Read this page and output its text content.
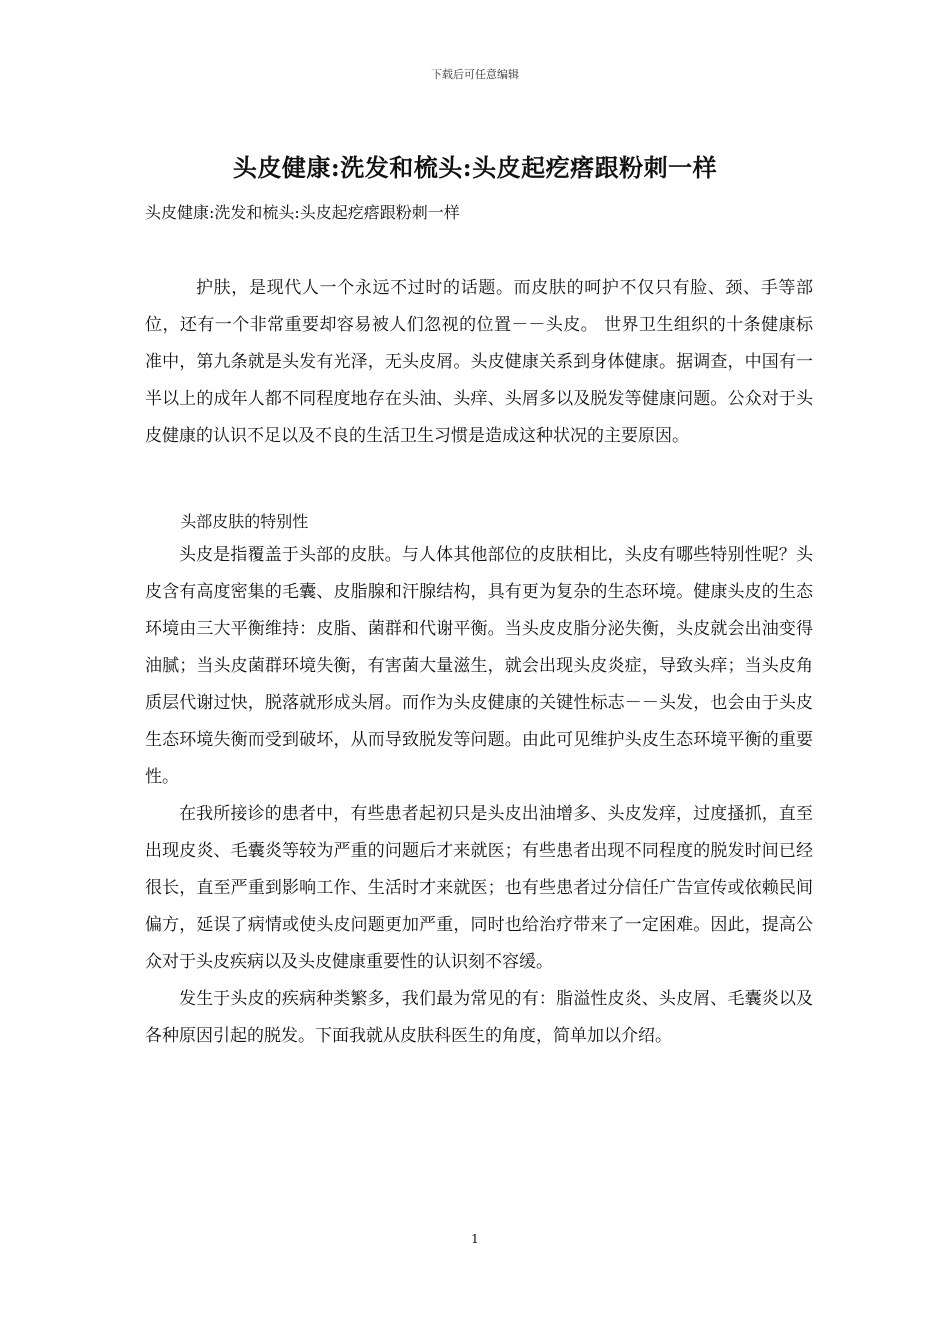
下载后可任意编辑
头皮健康:洗发和梳头:头皮起疙瘩跟粉刺一样
头皮健康:洗发和梳头:头皮起疙瘩跟粉刺一样

护肤，是现代人一个永远不过时的话题。而皮肤的呵护不仅只有脸、颈、手等部位，还有一个非常重要却容易被人们忽视的位置－－头皮。 世界卫生组织的十条健康标准中，第九条就是头发有光泽，无头皮屑。头皮健康关系到身体健康。据调查，中国有一半以上的成年人都不同程度地存在头油、头痒、头屑多以及脱发等健康问题。公众对于头皮健康的认识不足以及不良的生活卫生习惯是造成这种状况的主要原因。

头部皮肤的特别性

头皮是指覆盖于头部的皮肤。与人体其他部位的皮肤相比，头皮有哪些特别性呢？头皮含有高度密集的毛囊、皮脂腺和汗腺结构，具有更为复杂的生态环境。健康头皮的生态环境由三大平衡维持：皮脂、菌群和代谢平衡。当头皮皮脂分泌失衡，头皮就会出油变得油腻；当头皮菌群环境失衡，有害菌大量滋生，就会出现头皮炎症，导致头痒；当头皮角质层代谢过快，脱落就形成头屑。而作为头皮健康的关键性标志－－头发，也会由于头皮生态环境失衡而受到破坏，从而导致脱发等问题。由此可见维护头皮生态环境平衡的重要性。

在我所接诊的患者中，有些患者起初只是头皮出油增多、头皮发痒，过度搔抓，直至出现皮炎、毛囊炎等较为严重的问题后才来就医；有些患者出现不同程度的脱发时间已经很长，直至严重到影响工作、生活时才来就医；也有些患者过分信任广告宣传或依赖民间偏方，延误了病情或使头皮问题更加严重，同时也给治疗带来了一定困难。因此，提高公众对于头皮疾病以及头皮健康重要性的认识刻不容缓。

发生于头皮的疾病种类繁多，我们最为常见的有：脂溢性皮炎、头皮屑、毛囊炎以及各种原因引起的脱发。下面我就从皮肤科医生的角度，简单加以介绍。

1
